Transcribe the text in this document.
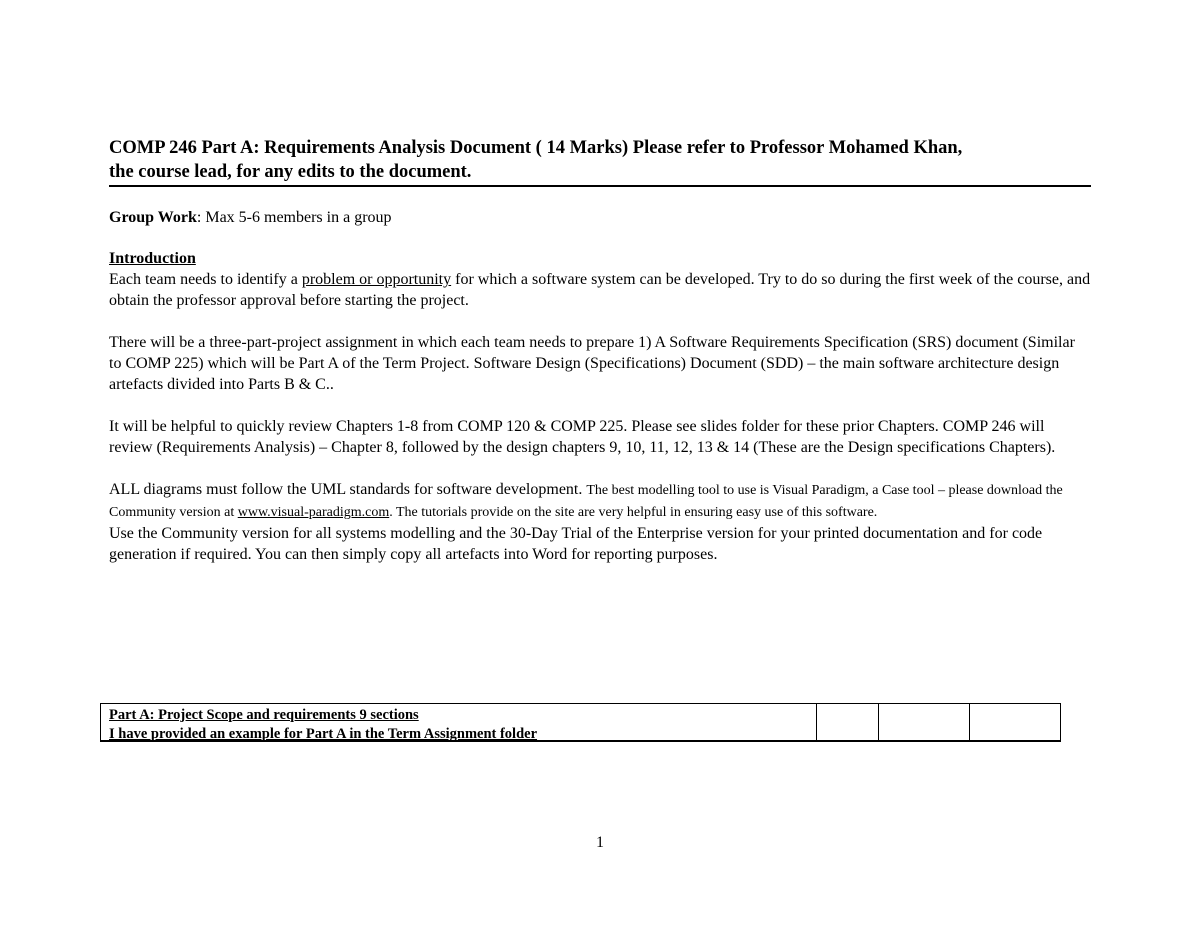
COMP 246 Part A: Requirements Analysis Document ( 14 Marks) Please refer to Professor Mohamed Khan,
the course lead, for any edits to the document.

Group Work: Max 5-6 members in a group

Introduction

Each team needs to identify a problem or opportunity for which a software system can be developed. Try to do so during the first week of the course, and obtain the professor approval before starting the project.

There will be a three-part-project assignment in which each team needs to prepare 1) A Software Requirements Specification (SRS) document (Similar to COMP 225) which will be Part A of the Term Project. Software Design (Specifications) Document (SDD) – the main software architecture design artefacts divided into Parts B & C..

It will be helpful to quickly review Chapters 1-8 from COMP 120 & COMP 225. Please see slides folder for these prior Chapters. COMP 246 will review (Requirements Analysis) – Chapter 8, followed by the design chapters 9, 10, 11, 12, 13 & 14 (These are the Design specifications Chapters).

ALL diagrams must follow the UML standards for software development. The best modelling tool to use is Visual Paradigm, a Case tool – please download the Community version at www.visual-paradigm.com. The tutorials provide on the site are very helpful in ensuring easy use of this software.

Use the Community version for all systems modelling and the 30-Day Trial of the Enterprise version for your printed documentation and for code generation if required. You can then simply copy all artefacts into Word for reporting purposes.

Part A: Project Scope and requirements 9 sections
I have provided an example for Part A in the Term Assignment folder
1
